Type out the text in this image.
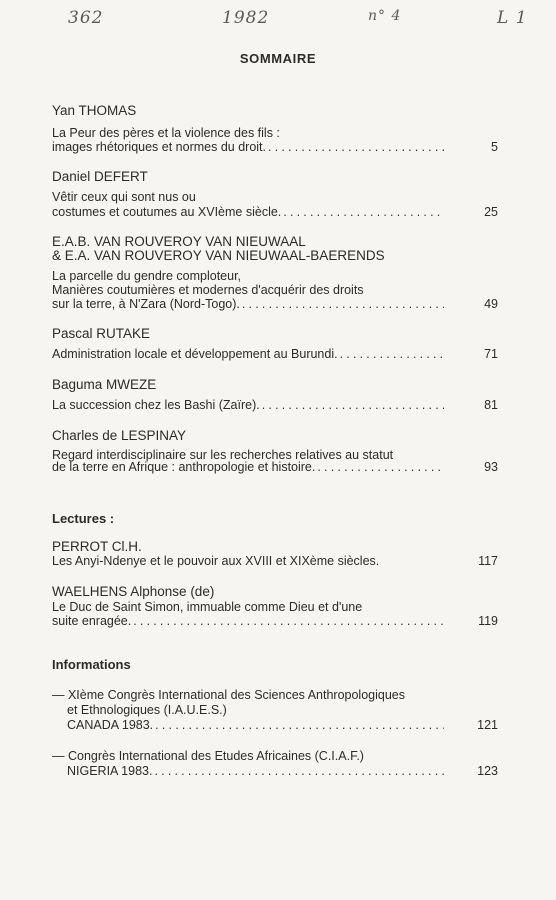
362	1982	n° 4	L 1
SOMMAIRE
Yan THOMAS
La Peur des pères et la violence des fils :
images rhétoriques et normes du droit. .....	5
Daniel DEFERT
Vêtir ceux qui sont nus ou
costumes et coutumes au XVIème siècle. .....	25
E.A.B. VAN ROUVEROY VAN NIEUWAAL
& E.A. VAN ROUVEROY VAN NIEUWAAL-BAERENDS
La parcelle du gendre comploteur,
Manières coutumières et modernes d'acquérir des droits
sur la terre, à N'Zara (Nord-Togo). .....	49
Pascal RUTAKE
Administration locale et développement au Burundi. .....	71
Baguma MWEZE
La succession chez les Bashi (Zaïre). .....	81
Charles de LESPINAY
Regard interdisciplinaire sur les recherches relatives au statut
de la terre en Afrique : anthropologie et histoire. .....	93
Lectures :
PERROT Cl.H.
Les Anyi-Ndenye et le pouvoir aux XVIII et XIXème siècles.	117
WAELHENS Alphonse (de)
Le Duc de Saint Simon, immuable comme Dieu et d'une
suite enragée. .....	119
Informations
— XIème Congrès International des Sciences Anthropologiques
et Ethnologiques (I.A.U.E.S.)
CANADA 1983. .....	121
— Congrès International des Etudes Africaines (C.I.A.F.)
NIGERIA 1983. .....	123
